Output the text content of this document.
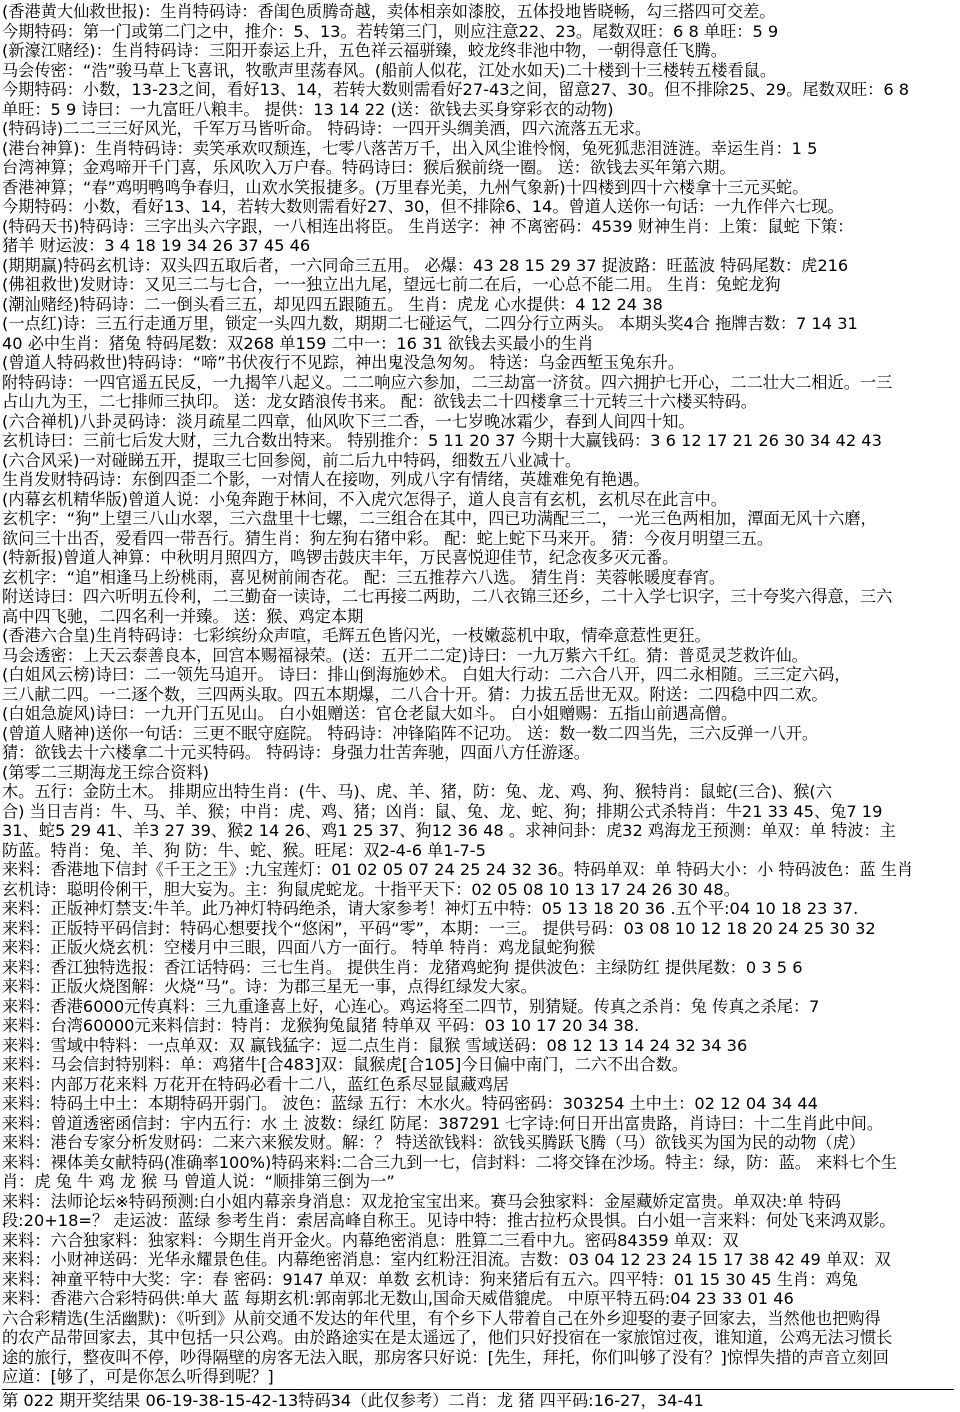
(香港黄大仙救世报)：生肖特码诗：香闺色质腾奇越，卖体相亲如漆胶，五体投地皆晓畅，勾三搭四可交差。
今期特码：第一门或第二门之中，推介：5、13。若转第三门，则应注意22、23。尾数双旺：6 8 单旺：5 9
(新濠江赌经)：生肖特码诗：三阳开泰运上升，五色祥云福骈臻，蛟龙终非池中物，一朝得意任飞腾。
马会传密：“浩”骏马草上飞喜讯，牧歌声里荡春风。(船前人似花，江处水如天)二十楼到十三楼转五楼看鼠。
今期特码：小数，13-23之间，看好13、14，若转大数则需看好27-43之间，留意27、30。但不排除25、29。尾数双旺：6 8
单旺：5 9 诗曰：一九富旺八粮丰。 提供：13 14 22 (送：欲钱去买身穿彩衣的动物)
(特码诗)二二三三好风光，千军万马皆听命。 特码诗：一四开头绸美酒，四六流落五无求。
(港台神算)：生肖特码诗：卖笑承欢叹颓连，七零八落苦万千，出入风尘谁怜悯，兔死狐悲泪涟涟。幸运生肖：1 5
台湾神算；金鸡啼开千门喜，乐风吹入万户春。特码诗曰：猴后猴前绕一圈。 送：欲钱去买年第六期。
香港神算；“春”鸡明鸭鸣争春归，山欢水笑报捷多。(万里春光美，九州气象新)十四楼到四十六楼拿十三元买蛇。
今期特码：小数，看好13、14，若转大数则需看好27、30，但不排除6、14。曾道人送你一句话：一九作伴六七现。
(特码天书)特码诗：三字出头六字跟，一八相连出将臣。 生肖送字：神 不离密码：4539 财神生肖：上策：鼠蛇 下策：
猪羊 财运波：3 4 18 19 34 26 37 45 46
(期期赢)特码玄机诗：双头四五取后者，一六同命三五用。 必爆：43 28 15 29 37 捉波路：旺蓝波 特码尾数：虎216
(佛祖救世)发财诗：又见三二与七合，一一独立出九尾，望远七前二在后，一心总不能二用。 生肖：兔蛇龙狗
(潮汕赌经)特码诗：二一倒头看三五，却见四五跟随五。 生肖：虎龙 心水提供：4 12 24 38
(一点红)诗：三五行走通万里，锁定一头四九数，期期二七碰运气，二四分行立两头。 本期头奖4合 拖牌吉数：7 14 31
40 必中生肖：猪兔 特码尾数：双268 单159 二中一：16 31 欲钱去买最小的生肖
(曾道人特码救世)特码诗：“啼”书伏夜行不见踪，神出鬼没急匆匆。 特送：乌金西堑玉兔东升。
附特码诗：一四官遥五民反，一九揭竿八起义。二二响应六参加，二三劫富一济贫。四六拥护七开心，二二壮大二相近。一三
占山九为王，二七排师三执印。 送：龙女踏浪传书来。 配：欲钱去二十四楼拿三十元转三十六楼买特码。
(六合禅机)八卦灵码诗：淡月疏星二四章，仙风吹下三二香，一七岁晚冰霜少，春到人间四十知。
玄机诗曰：三前七后发大财，三九合数出特来。 特别推介：5 11 20 37 今期十大赢钱码：3 6 12 17 21 26 30 34 42 43
(六合风采)一对碰睇五开，提取三七回参阅，前二后九中特码，细数五八业减十。
生肖发财特码诗：东倒四歪二个影，一对情人在接吻，列成八字有情绪，英雄难免有艳遇。
(内幕玄机精华版)曾道人说：小兔奔跑于林间，不入虎穴怎得子，道人良言有玄机，玄机尽在此言中。
玄机字：“狗”上望三八山水翠，三六盘里十七螺，二三组合在其中，四已功满配三二，一光三色两相加，潭面无风十六磨，
欲问三十出否，爱看四一带吾行。猜生肖：狗左狗右猪中彩。 配：蛇上蛇下马来开。 猜：今夜月明望三五。
(特新报)曾道人神算：中秋明月照四方，鸣锣击鼓庆丰年，万民喜悦迎佳节，纪念夜多灭元番。
玄机字：“追”相逢马上纷桃雨，喜见树前闹杏花。 配：三五推荐六八选。 猜生肖：芙蓉帐暖度春宵。
附送诗曰：四六听明五伶利，二三勤奋一读诗，二七再接二两助，二八衣锦三还乡，二十入学七识字，三十夸奖六得意，三六
高中四飞驰，二四名利一并臻。 送：猴、鸡定本期
(香港六合皇)生肖特码诗：七彩缤纷众声喧，毛辉五色皆闪光，一枝嫩蕊机中取，情牵意惹性更狂。
马会透密：上天云泰善良本，回宫本赐福禄荣。(送：五开二二定)诗曰：一九万紫六千红。猜：普觅灵芝救许仙。
(白姐风云榜)诗曰：二一领先马追开。 诗曰：排山倒海施妙术。 白姐大行动：二六合八开，四二永相随。三三定六码，
三八献二四。一二逐个数，三四两头取。四五本期爆，二八合十开。猜：力拔五岳世无双。附送：二四稳中四二欢。
(白姐急旋风)诗曰：一九开门五见山。 白小姐赠送：官仓老鼠大如斗。 白小姐赠赐：五指山前遇高僧。
(曾道人赌神)送你一句话：三更不眠守庭院。 特码诗：冲锋陷阵不记功。 送：数一数二四当先，三六反弹一八开。
猜：欲钱去十六楼拿二十元买特码。 特码诗：身强力壮苦奔驰，四面八方任游逐。
(第零二三期海龙王综合资料)
木。五行：金防土木。 排期应出特生肖：(牛、马)、虎、羊、猪，防：兔、龙、鸡、狗、猴特肖：鼠蛇(三合)、猴(六
合) 当日吉肖：牛、马、羊、猴；中肖：虎、鸡、猪；凶肖：鼠、兔、龙、蛇、狗；排期公式杀特肖：牛21 33 45、兔7 19
31、蛇5 29 41、羊3 27 39、猴2 14 26、鸡1 25 37、狗12 36 48 。求神问卦：虎32 鸡海龙王预测：单双：单 特波：主
防蓝。特肖：兔、羊、狗 防：牛、蛇、猴。旺尾：双2-4-6 单1-7-5
来料：香港地下信封《千王之王》:九宝莲灯：01 02 05 07 24 25 24 32 36。特码单双：单 特码大小：小 特码波色：蓝 生肖
玄机诗：聪明伶俐干，胆大妄为。主：狗鼠虎蛇龙。十指平天下：02 05 08 10 13 17 24 26 30 48。
来料：正版神灯禁支:牛羊。此乃神灯特码绝杀，请大家参考！神灯五中特：05 13 18 20 36 .五个平:04 10 18 23 37.
来料：正版特平码信封：特码心想要找个“悠闲”，平码“零”，本期：一三。 提供号码：03 08 10 12 18 20 24 25 30 32
来料：正版火烧玄机：空楼月中三眼，四面八方一面行。 特单 特肖：鸡龙鼠蛇狗猴
来料：香江独特选报：香江话特码：三七生肖。 提供生肖：龙猪鸡蛇狗 提供波色：主绿防红 提供尾数：0 3 5 6
来料：正版火烧图解：火烧“马”。诗：为郡三星无一事，点得红绿发大家。
来料：香港6000元传真料：三九重逢喜上好，心连心。鸡运将至二四节，别猜疑。传真之杀肖：兔 传真之杀尾：7
来料：台湾60000元来料信封：特肖：龙猴狗兔鼠猪 特单双 平码：03 10 17 20 34 38.
来料：雪域中特料：一点单双：双 赢钱猛字：逗二点生肖：鼠猴 雪域送码：08 12 13 14 24 32 34 36
来料：马会信封特别料：单：鸡猪牛[合483]双：鼠猴虎[合105]今日偏中南门，二六不出合数。
来料：内部万花来料 万花开在特码必看十二八，蓝红色系尽显鼠藏鸡居
来料：特码土中土：本期特码开弱门。 波色：蓝绿 五行：木水火。特码密码：303254 土中土：02 12 04 34 44
来料：曾道透密函信封：宇内五行：水 土 波数：绿红 防尾：387291 七字诗:何日开出富贵路，肖诗曰：十二生肖此中间。
来料：港台专家分析发财码：二来六来猴发财。解：？ 特送欲钱料：欲钱买腾跃飞腾（马）欲钱买为国为民的动物（虎）
来料：裸体美女献特码(准确率100%)特码来料:二合三九到一七，信封料：二将交锋在沙场。特主：绿，防：蓝。 来料七个生
肖：虎 兔 牛 鸡 龙 猴 马 曾道人说：“顺排第三倒为一”
来料：法师论坛※特码预测:白小姐内幕亲身消息：双龙抢宝宝出来。赛马会独家料：金屋藏娇定富贵。单双决:单 特码
段:20+18=？ 走运波：蓝绿 参考生肖：索居高峰自称王。见诗中特：推古拉朽众畏惧。白小姐一言来料：何处飞来鸿双影。
来料：六合独家料：独家料：今期生肖开金火。内幕绝密消息：胜算二三看中九。密码84359 单双：双
来料：小财神送码：光华永耀景色佳。内幕绝密消息：室内红粉汪泪流。吉数：03 04 12 23 24 15 17 38 42 49 单双：双
来料：神童平特中大奖：字：春 密码：9147 单双：单数 玄机诗：狗来猪后有五六。四平特：01 15 30 45 生肖：鸡兔
来料：香港六合彩特码供:单大 蓝 每期玄机:郭南郭北无数山,国命天威借貔虎。 中原平特五码:04 23 33 01 46
六合彩精选(生活幽默)：《听到》从前交通不发达的年代里，有个乡下人带着自己在外乡迎娶的妻子回家去，当然他也把购得
的农产品带回家去，其中包括一只公鸡。由於路途实在是太遥远了，他们只好投宿在一家旅馆过夜，谁知道，公鸡无法习惯长
途的旅行，整夜叫不停，吵得隔壁的房客无法入眠，那房客只好说：[先生，拜托，你们叫够了没有？]惊悍失措的声音立刻回
应道：[够了，可是你怎么听得到呢？]
第 022 期开奖结果 06-19-38-15-42-13特码34（此仅参考）二肖：龙 猪 四平码:16-27，34-41
